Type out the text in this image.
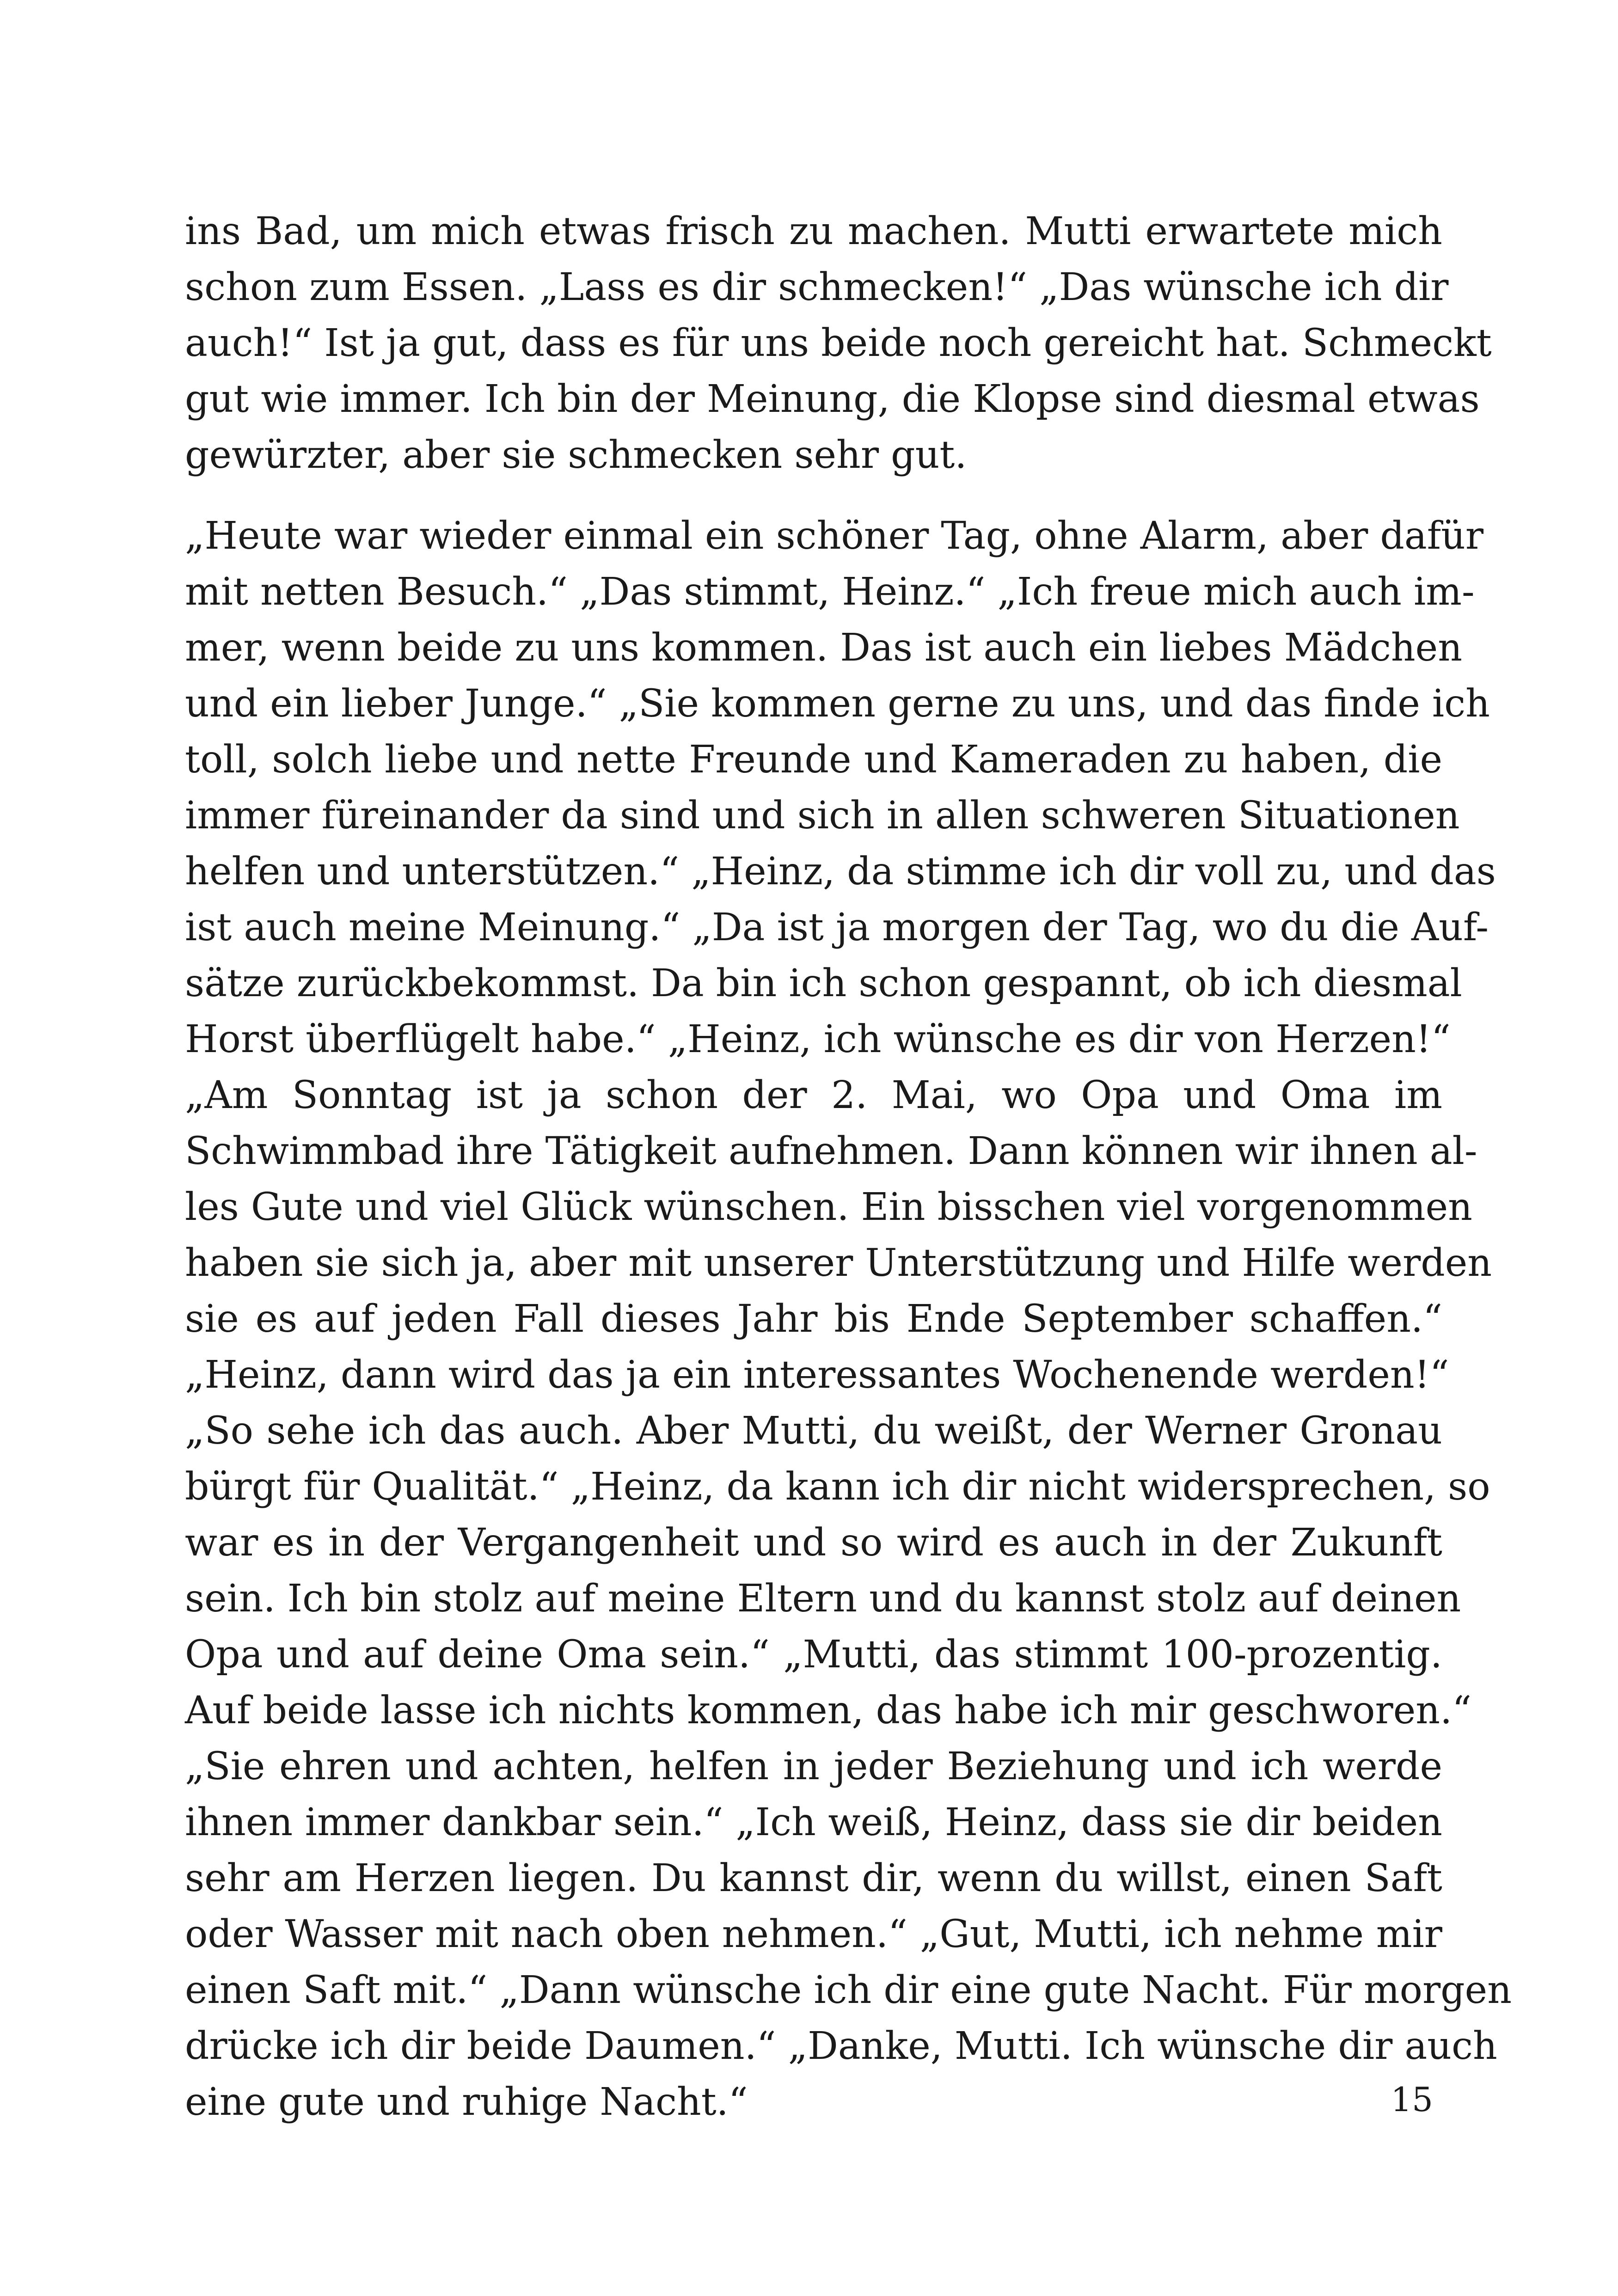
ins Bad, um mich etwas frisch zu machen. Mutti erwartete mich
schon zum Essen. „Lass es dir schmecken!“ „Das wünsche ich dir
auch!“ Ist ja gut, dass es für uns beide noch gereicht hat. Schmeckt
gut wie immer. Ich bin der Meinung, die Klopse sind diesmal etwas
gewürzter, aber sie schmecken sehr gut.
„Heute war wieder einmal ein schöner Tag, ohne Alarm, aber dafür
mit netten Besuch.“ „Das stimmt, Heinz.“ „Ich freue mich auch im-
mer, wenn beide zu uns kommen. Das ist auch ein liebes Mädchen
und ein lieber Junge.“ „Sie kommen gerne zu uns, und das finde ich
toll, solch liebe und nette Freunde und Kameraden zu haben, die
immer füreinander da sind und sich in allen schweren Situationen
helfen und unterstützen.“ „Heinz, da stimme ich dir voll zu, und das
ist auch meine Meinung.“ „Da ist ja morgen der Tag, wo du die Auf-
sätze zurückbekommst. Da bin ich schon gespannt, ob ich diesmal
Horst überflügelt habe.“ „Heinz, ich wünsche es dir von Herzen!“
„Am Sonntag ist ja schon der 2. Mai, wo Opa und Oma im
Schwimmbad ihre Tätigkeit aufnehmen. Dann können wir ihnen al-
les Gute und viel Glück wünschen. Ein bisschen viel vorgenommen
haben sie sich ja, aber mit unserer Unterstützung und Hilfe werden
sie es auf jeden Fall dieses Jahr bis Ende September schaffen.“
„Heinz, dann wird das ja ein interessantes Wochenende werden!“
„So sehe ich das auch. Aber Mutti, du weißt, der Werner Gronau
bürgt für Qualität.“ „Heinz, da kann ich dir nicht widersprechen, so
war es in der Vergangenheit und so wird es auch in der Zukunft
sein. Ich bin stolz auf meine Eltern und du kannst stolz auf deinen
Opa und auf deine Oma sein.“ „Mutti, das stimmt 100-prozentig.
Auf beide lasse ich nichts kommen, das habe ich mir geschworen.“
„Sie ehren und achten, helfen in jeder Beziehung und ich werde
ihnen immer dankbar sein.“ „Ich weiß, Heinz, dass sie dir beiden
sehr am Herzen liegen. Du kannst dir, wenn du willst, einen Saft
oder Wasser mit nach oben nehmen.“ „Gut, Mutti, ich nehme mir
einen Saft mit.“ „Dann wünsche ich dir eine gute Nacht. Für morgen
drücke ich dir beide Daumen.“ „Danke, Mutti. Ich wünsche dir auch
eine gute und ruhige Nacht.“	15
